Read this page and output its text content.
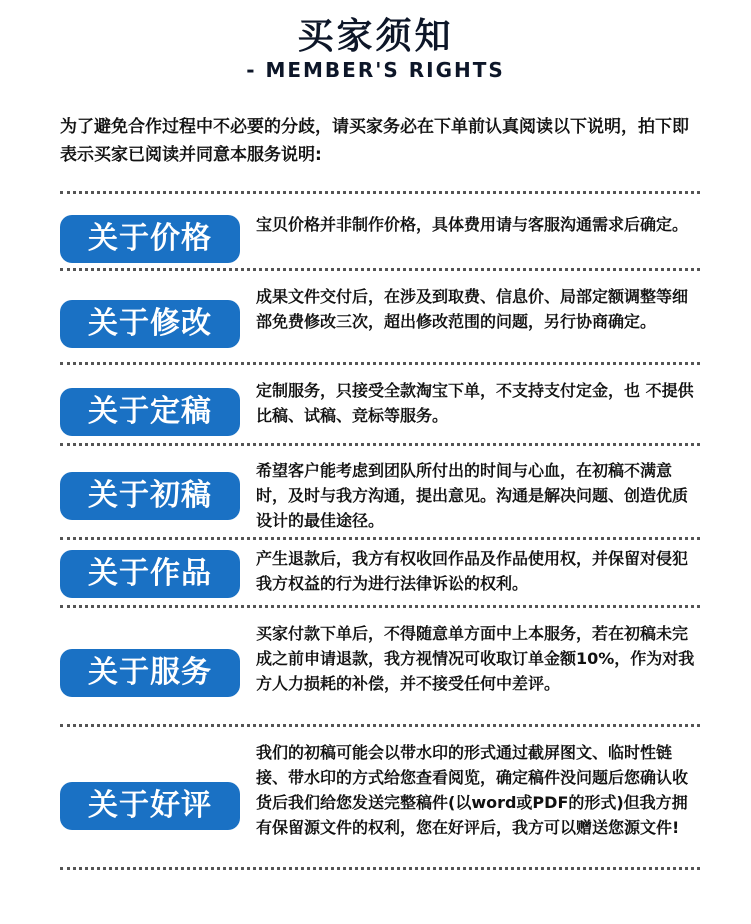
买家须知
- MEMBER'S RIGHTS
为了避免合作过程中不必要的分歧，请买家务必在下单前认真阅读以下说明，拍下即表示买家已阅读并同意本服务说明:
关于价格	宝贝价格并非制作价格，具体费用请与客服沟通需求后确定。
关于修改
成果文件交付后，在涉及到取费、信息价、局部定额调整等细部免费修改三次，超出修改范围的问题，另行协商确定。
关于定稿
定制服务，只接受全款淘宝下单，不支持支付定金，也 不提供比稿、试稿、竞标等服务。
关于初稿
希望客户能考虑到团队所付出的时间与心血，在初稿不满意时，及时与我方沟通，提出意见。沟通是解决问题、创造优质设计的最佳途径。
关于作品	产生退款后，我方有权收回作品及作品使用权，并保留对侵犯我方权益的行为进行法律诉讼的权利。
关于服务
买家付款下单后，不得随意单方面中上本服务，若在初稿未完成之前申请退款，我方视情况可收取订单金额10%，作为对我方人力损耗的补偿，并不接受任何中差评。
关于好评
我们的初稿可能会以带水印的形式通过截屏图文、临时性链接、带水印的方式给您查看阅览，确定稿件没问题后您确认收货后我们给您发送完整稿件(以word或PDF的形式)但我方拥有保留源文件的权利，您在好评后，我方可以赠送您源文件!
